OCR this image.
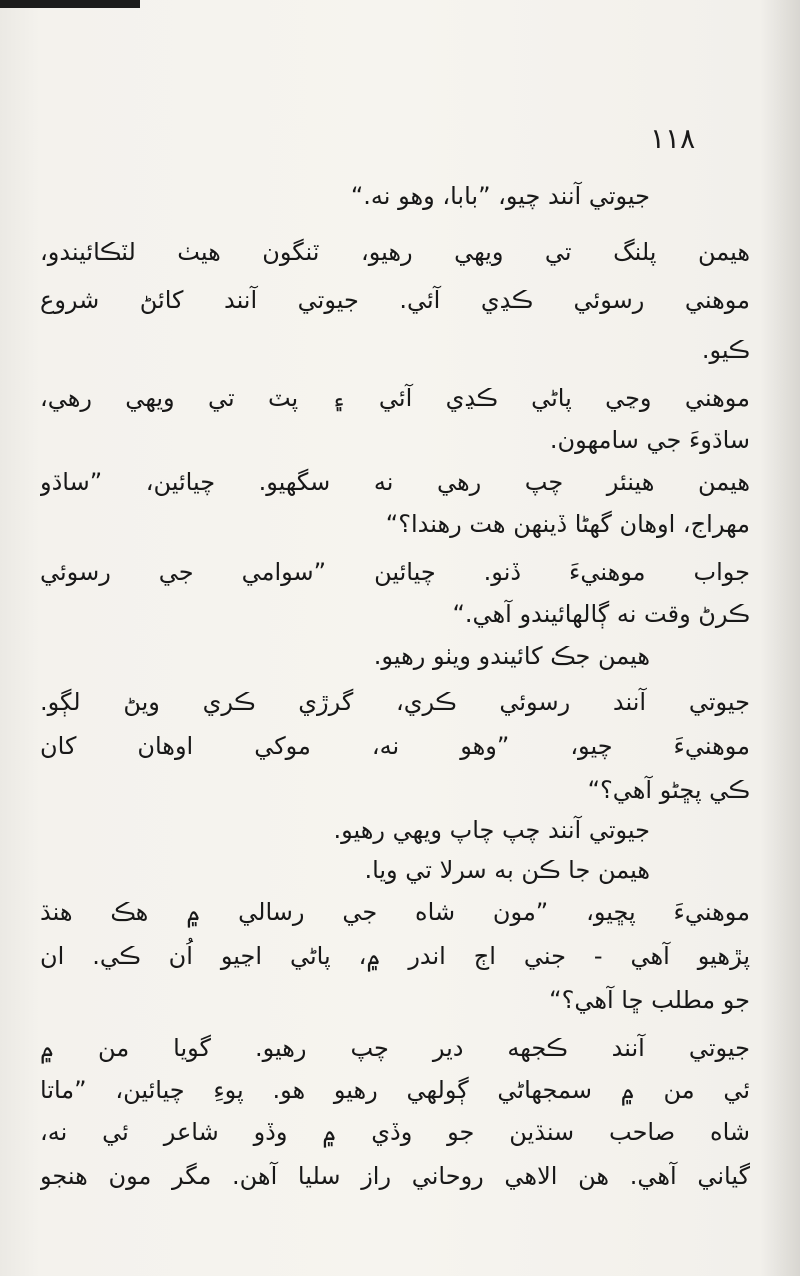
۱۱۸
جيوتي آنند چيو، ”بابا، وهو نه.“
هيمن پلنگ تي ويهي رهيو، ٽنگون هيٺ لٽڪائيندو،
موهني رسوئي ڪڍي آئي. جيوتي آنند کائڻ شروع
ڪيو.
موهني وڃي پاڻي ڪڍي آئي ۽ پٽ تي ويهي رهي،
ساڌوءَ جي سامهون.
هيمن هينئر چپ رهي نه سگهيو. چيائين، ”ساڌو
مهراج، اوهان گهڻا ڏينهن هت رهندا؟“
جواب موهنيءَ ڏنو. چيائين ”سوامي جي رسوئي
ڪرڻ وقت نه ڳالهائيندو آهي.“
هيمن جڪ کائيندو ويٺو رهيو.
جيوتي آنند رسوئي ڪري، گرڙي ڪري ويڻ لڳو.
موهنيءَ چيو، ”وهو نه، موکي اوهان کان
ڪي پڇڻو آهي؟“
جيوتي آنند چپ چاپ ويهي رهيو.
هيمن جا ڪن به سرلا تي ويا.
موهنيءَ پڇيو، ”مون شاه جي رسالي ۾ هڪ هنڌ
پڙهيو آهي - جني اڄ اندر ۾، پاڻي اڃيو اُن ڪي. ان
جو مطلب ڇا آهي؟“
جيوتي آنند ڪجهه دير چپ رهيو. گويا من ۾
ئي من ۾ سمجهاڻي ڳولهي رهيو هو. پوءِ چيائين، ”ماتا
شاه صاحب سنڌين جو وڏي ۾ وڏو شاعر ئي نه،
گياني آهي. هن الاهي روحاني راز سليا آهن. مگر مون هنجو
